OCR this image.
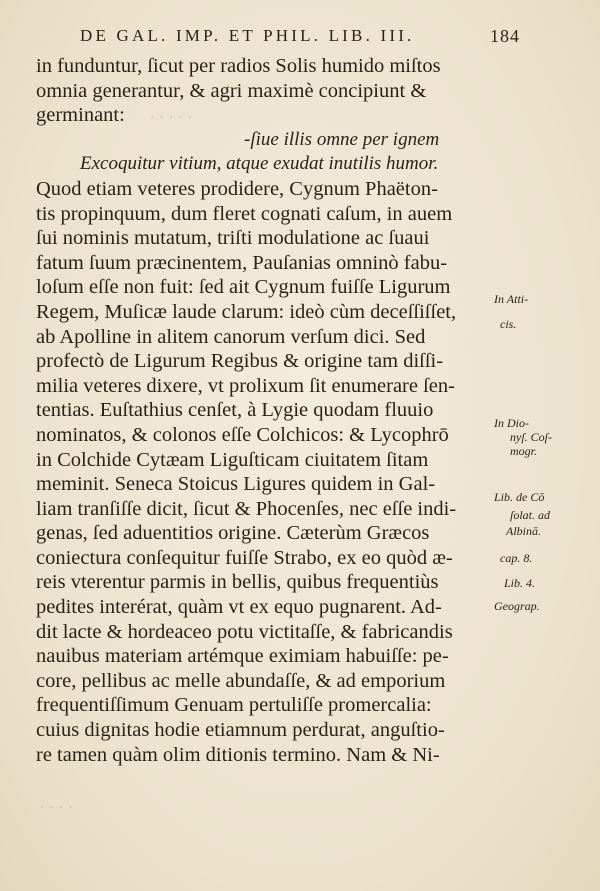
DE GAL. IMP. ET PHIL. LIB. III.	184
in funduntur, ſicut per radios Solis humido miſtos
omnia generantur, & agri maximè concipiunt &
germinant:
-ſiue illis omne per ignem
Excoquitur vitium, atque exudat inutilis humor.
Quod etiam veteres prodidere, Cygnum Phaëton-
tis propinquum, dum fleret cognati caſum, in auem
ſui nominis mutatum, triſti modulatione ac ſuaui
fatum ſuum præcinentem, Pauſanias omninò fabu-
loſum eſſe non fuit: ſed ait Cygnum fuiſſe Ligurum
Regem, Muſicæ laude clarum: ideò cùm deceſſiſſet,
ab Apolline in alitem canorum verſum dici. Sed
profectò de Ligurum Regibus & origine tam diſſi-
milia veteres dixere, vt prolixum ſit enumerare ſen-
tentias. Euſtathius cenſet, à Lygie quodam fluuio
nominatos, & colonos eſſe Colchicos: & Lycophrō
in Colchide Cytæam Liguſticam ciuitatem ſitam
meminit. Seneca Stoicus Ligures quidem in Gal-
liam tranſiſſe dicit, ſicut & Phocenſes, nec eſſe indi-
genas, ſed aduentitios origine. Cæterùm Græcos
coniectura conſequitur fuiſſe Strabo, ex eo quòd æ-
reis vterentur parmis in bellis, quibus frequentiùs
pedites interérat, quàm vt ex equo pugnarent. Ad-
dit lacte & hordeaceo potu victitaſſe, & fabricandis
nauibus materiam artémque eximiam habuiſſe: pe-
core, pellibus ac melle abundaſſe, & ad emporium
frequentiſſimum Genuam pertuliſſe promercalia:
cuius dignitas hodie etiamnum perdurat, anguſtio-
re tamen quàm olim ditionis termino. Nam & Ni-
In Atti-
cis.
In Dio-
nyſ. Coſ-
mogr.
Lib. de Cō
ſolat. ad
Albinā.
cap. 8.
Lib. 4.
Geograp.
· · · · ·
· · · ·
